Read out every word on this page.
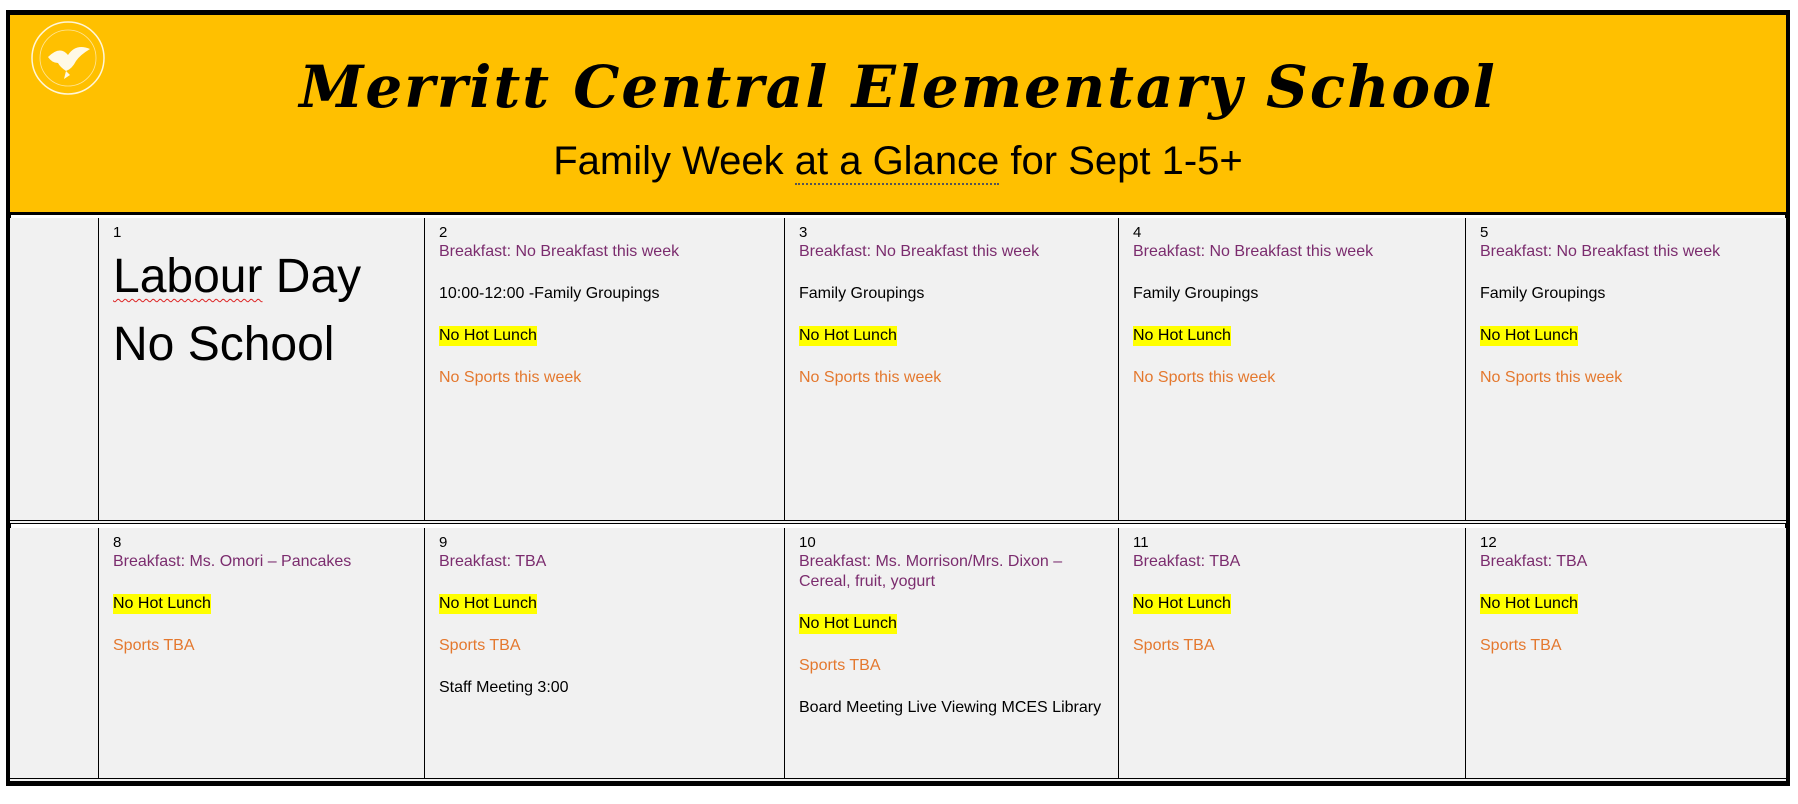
Merritt Central Elementary School
Family Week at a Glance for Sept 1-5+
1
Labour Day
No School
2
Breakfast: No Breakfast this week
10:00-12:00 -Family Groupings
No Hot Lunch
No Sports this week
3
Breakfast: No Breakfast this week
Family Groupings
No Hot Lunch
No Sports this week
4
Breakfast: No Breakfast this week
Family Groupings
No Hot Lunch
No Sports this week
5
Breakfast: No Breakfast this week
Family Groupings
No Hot Lunch
No Sports this week
8
Breakfast: Ms. Omori – Pancakes
No Hot Lunch
Sports TBA
9
Breakfast: TBA
No Hot Lunch
Sports TBA
Staff Meeting 3:00
10
Breakfast: Ms. Morrison/Mrs. Dixon – Cereal, fruit, yogurt
No Hot Lunch
Sports TBA
Board Meeting Live Viewing MCES Library
11
Breakfast: TBA
No Hot Lunch
Sports TBA
12
Breakfast: TBA
No Hot Lunch
Sports TBA
